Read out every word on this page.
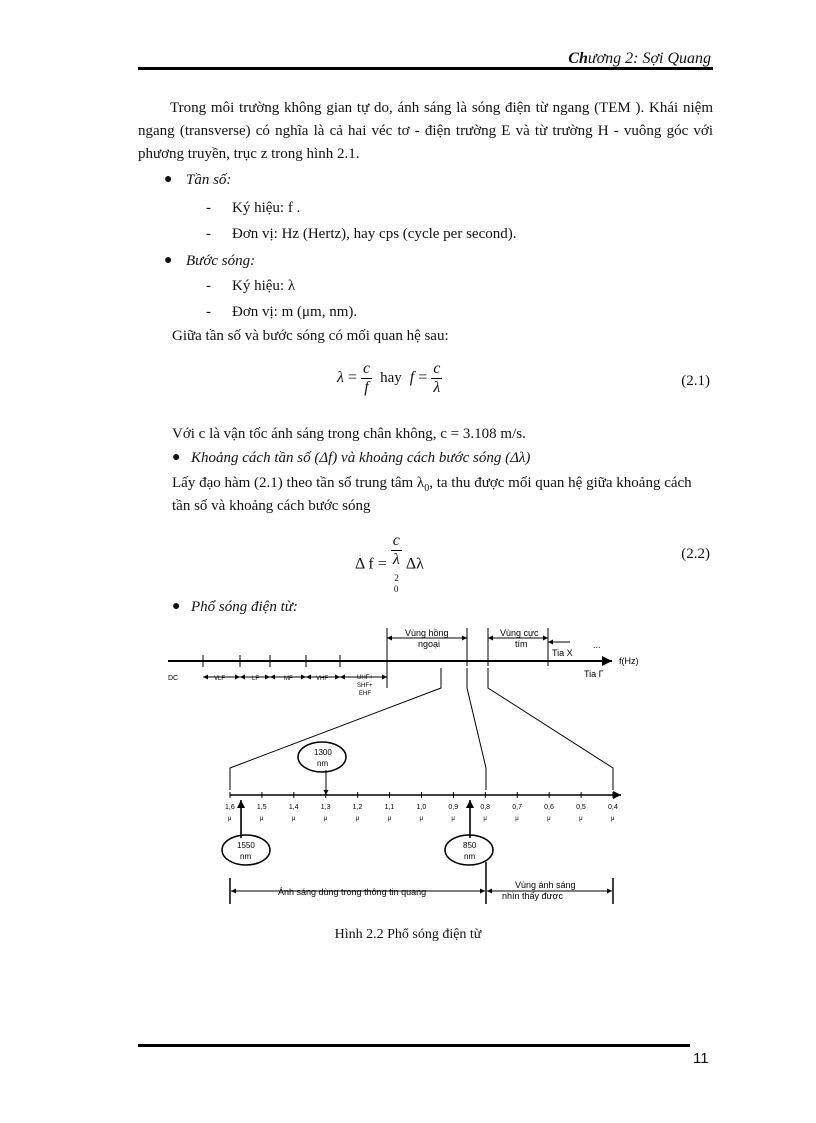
Chương 2: Sợi Quang
Trong môi trường không gian tự do, ánh sáng là sóng điện từ ngang (TEM ). Khái niệm ngang (transverse) có nghĩa là cả hai véc tơ - điện trường E và từ trường H - vuông góc với phương truyền, trục z trong hình 2.1.
● Tần số:
- Ký hiệu: f .
- Đơn vị: Hz (Hertz), hay cps (cycle per second).
● Bước sóng:
- Ký hiệu: λ
- Đơn vị: m (μm, nm).
Giữa tần số và bước sóng có mối quan hệ sau:
$\lambda = \frac{c}{f}$ hay $f = \frac{c}{\lambda}$	(2.1)
Với c là vận tốc ánh sáng trong chân không, c = 3.108 m/s.
● Khoảng cách tần số (Δf) và khoảng cách bước sóng (Δλ)
Lấy đạo hàm (2.1) theo tần số trung tâm $\lambda_0$, ta thu được mối quan hệ giữa khoảng cách
tần số và khoảng cách bước sóng
Δ f = c
λ
$^2_0$ Δλ
(2.2)
● Phổ sóng điện từ:
Vùng hồng
ngoại
Vùng cực
tím
Tia X
...
f(Hz)
Tia Γ
DC	VLF	LF	MF	VHF	UHF+
SHF+
EHF
1300
nm
1550
nm
850
nm
Ánh sáng dùng trong thông tin quang
Vùng ánh sáng
nhìn thấy được
1,6
μ
1,5
μ
1,4
μ
1,3
μ
1,2
μ
1,1
μ
1,0
μ
0,9
μ
0,8
μ
0,7
μ
0,6
μ
0,5
μ
0,4
μ
Hình 2.2 Phổ sóng điện từ
11
